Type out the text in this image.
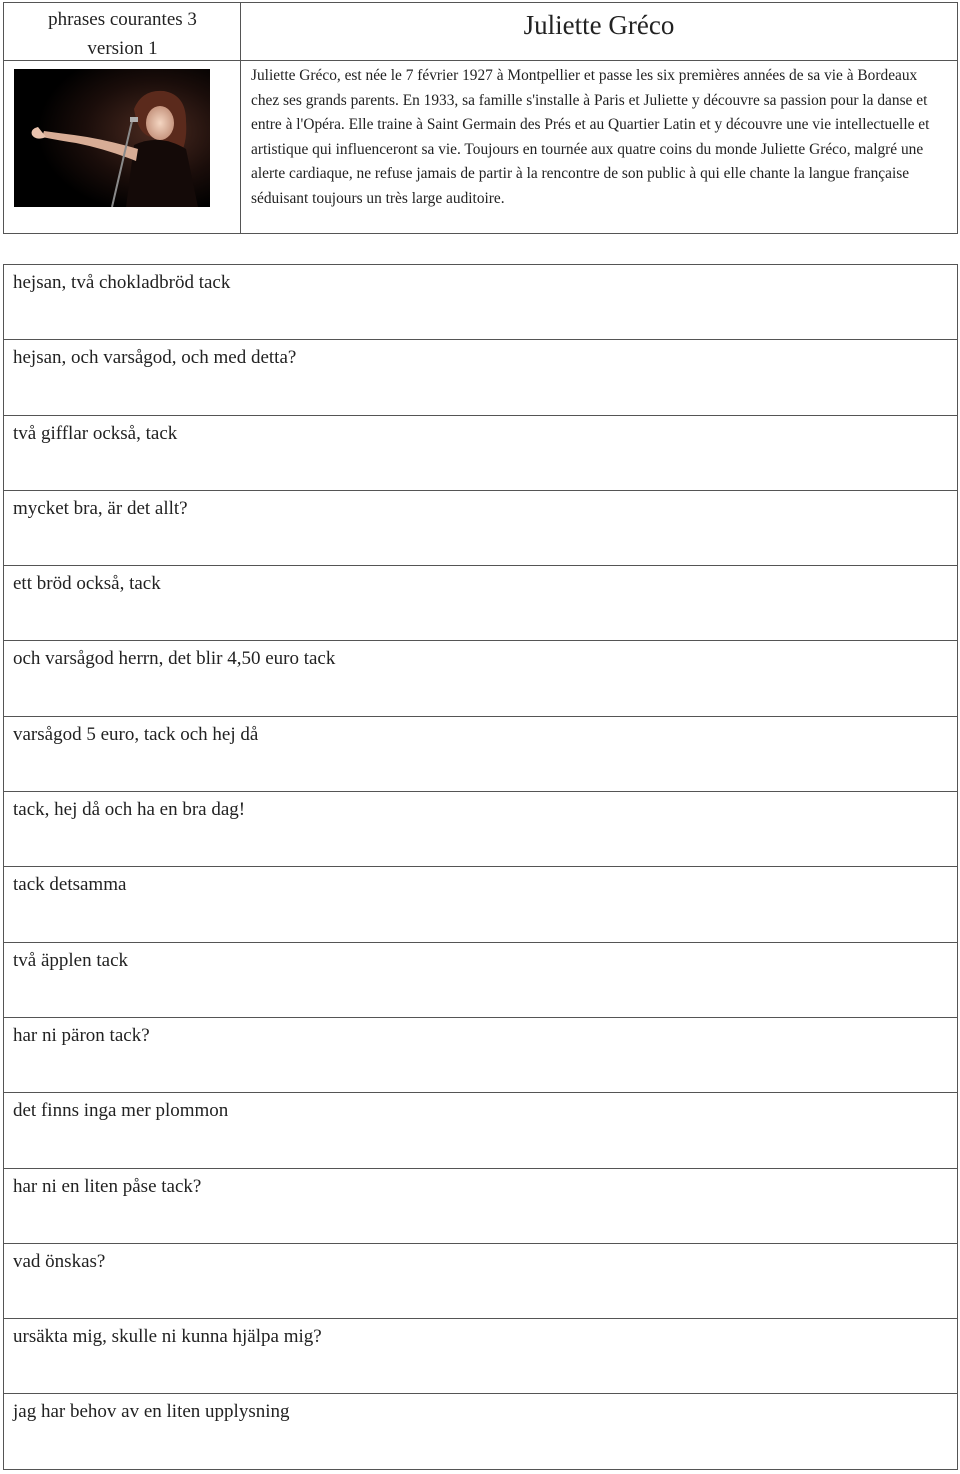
phrases courantes 3
version 1
Juliette Gréco
Juliette Gréco, est née le 7 février 1927 à Montpellier et passe les six premières années de sa vie à Bordeaux chez ses grands parents. En 1933, sa famille s'installe à Paris et Juliette y découvre sa passion pour la danse et entre à l'Opéra. Elle traine à Saint Germain des Prés et au Quartier Latin et y découvre une vie intellectuelle et artistique qui influenceront sa vie. Toujours en tournée aux quatre coins du monde Juliette Gréco, malgré une alerte cardiaque, ne refuse jamais de partir à la rencontre de son public à qui elle chante la langue française séduisant toujours un très large auditoire.
hejsan, två chokladbröd tack
hejsan, och varsågod, och med detta?
två gifflar också, tack
mycket bra, är det allt?
ett bröd också, tack
och varsågod herrn, det blir 4,50 euro tack
varsågod 5 euro, tack och hej då
tack, hej då och ha en bra dag!
tack detsamma
två äpplen tack
har ni päron tack?
det finns inga mer plommon
har ni en liten påse tack?
vad önskas?
ursäkta mig, skulle ni kunna hjälpa mig?
jag har behov av en liten upplysning
